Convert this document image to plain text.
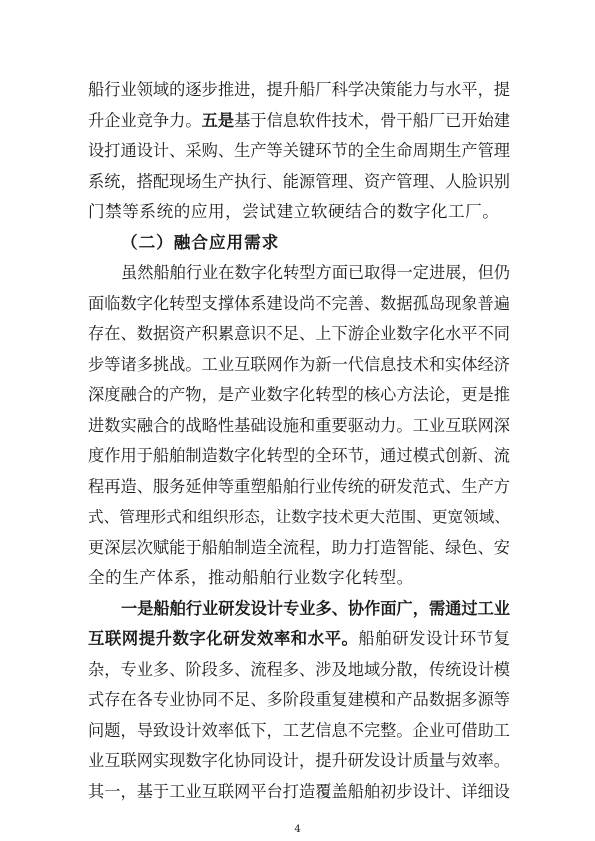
船行业领域的逐步推进，提升船厂科学决策能力与水平，提
升企业竞争力。五是基于信息软件技术，骨干船厂已开始建
设打通设计、采购、生产等关键环节的全生命周期生产管理
系统，搭配现场生产执行、能源管理、资产管理、人脸识别
门禁等系统的应用，尝试建立软硬结合的数字化工厂。
（二）融合应用需求
虽然船舶行业在数字化转型方面已取得一定进展，但仍
面临数字化转型支撑体系建设尚不完善、数据孤岛现象普遍
存在、数据资产积累意识不足、上下游企业数字化水平不同
步等诸多挑战。工业互联网作为新一代信息技术和实体经济
深度融合的产物，是产业数字化转型的核心方法论，更是推
进数实融合的战略性基础设施和重要驱动力。工业互联网深
度作用于船舶制造数字化转型的全环节，通过模式创新、流
程再造、服务延伸等重塑船舶行业传统的研发范式、生产方
式、管理形式和组织形态，让数字技术更大范围、更宽领域、
更深层次赋能于船舶制造全流程，助力打造智能、绿色、安
全的生产体系，推动船舶行业数字化转型。
一是船舶行业研发设计专业多、协作面广，需通过工业
互联网提升数字化研发效率和水平。船舶研发设计环节复
杂，专业多、阶段多、流程多、涉及地域分散，传统设计模
式存在各专业协同不足、多阶段重复建模和产品数据多源等
问题，导致设计效率低下，工艺信息不完整。企业可借助工
业互联网实现数字化协同设计，提升研发设计质量与效率。
其一，基于工业互联网平台打造覆盖船舶初步设计、详细设
4
